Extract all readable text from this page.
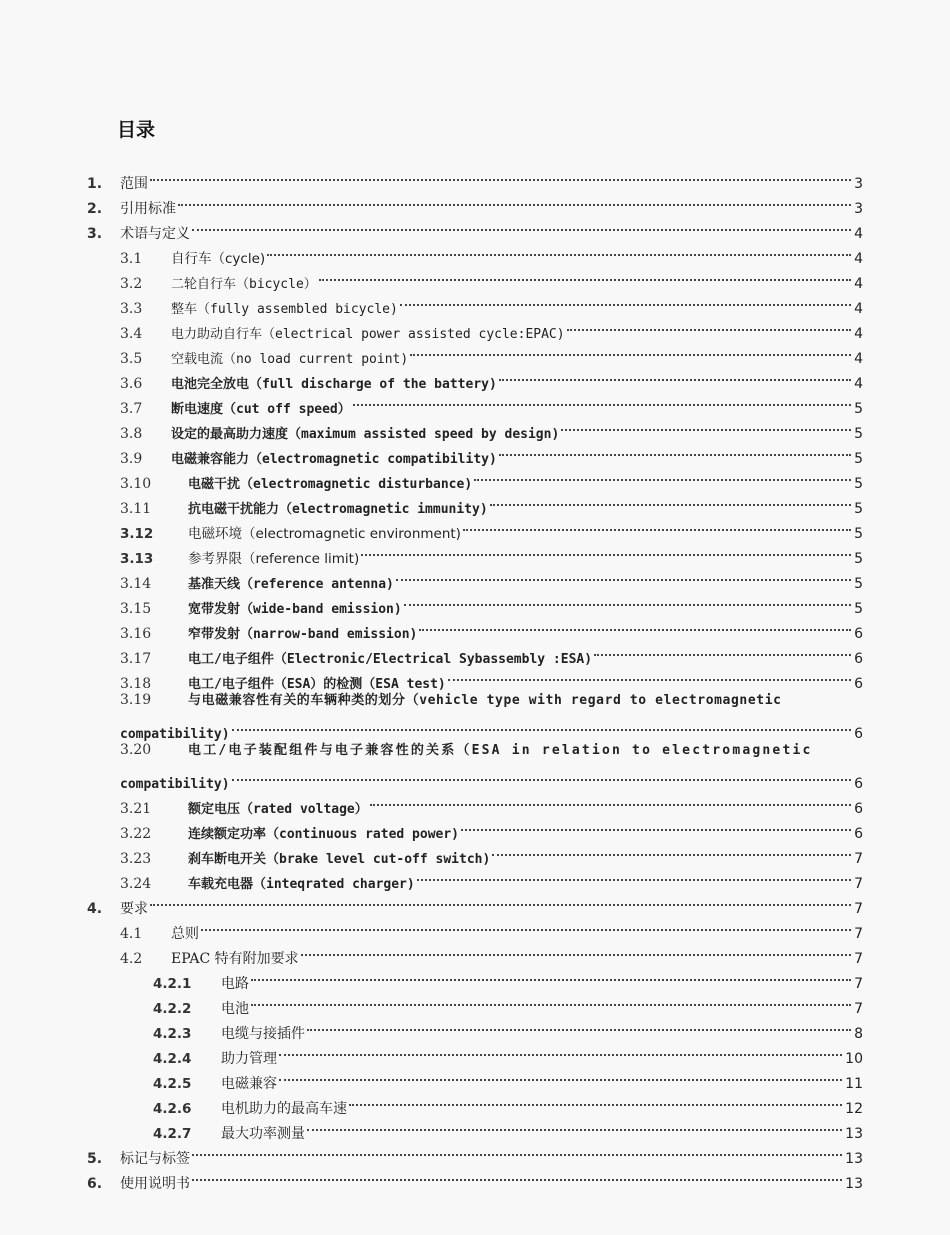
目录
1.	范围	3
2.	引用标准	3
3.	术语与定义	4
3.1	自行车（cycle)	4
3.2	二轮自行车（bicycle）	4
3.3	整车（fully assembled bicycle)	4
3.4	电力助动自行车（electrical power assisted cycle:EPAC)	4
3.5	空载电流（no load current point)	4
3.6	电池完全放电（full discharge of the battery)	4
3.7	断电速度（cut off speed）	5
3.8	设定的最高助力速度（maximum assisted speed by design)	5
3.9	电磁兼容能力（electromagnetic compatibility)	5
3.10	电磁干扰（electromagnetic disturbance)	5
3.11	抗电磁干扰能力（electromagnetic immunity)	5
3.12	电磁环境（electromagnetic environment)	5
3.13	参考界限（reference limit)	5
3.14	基准天线（reference antenna)	5
3.15	宽带发射（wide-band emission)	5
3.16	窄带发射（narrow-band emission)	6
3.17	电工/电子组件（Electronic/Electrical Sybassembly :ESA)	6
3.18	电工/电子组件（ESA）的检测（ESA test)	6
3.19	与电磁兼容性有关的车辆种类的划分（vehicle type with regard to electromagnetic
compatibility)	6
3.20	电工/电子装配组件与电子兼容性的关系（ESA in relation to electromagnetic
compatibility)	6
3.21	额定电压（rated voltage）	6
3.22	连续额定功率（continuous rated power)	6
3.23	刹车断电开关（brake level cut-off switch)	7
3.24	车载充电器（inteqrated charger)	7
4.	要求	7
4.1	总则	7
4.2	EPAC 特有附加要求	7
4.2.1	电路	7
4.2.2	电池	7
4.2.3	电缆与接插件	8
4.2.4	助力管理	10
4.2.5	电磁兼容	11
4.2.6	电机助力的最高车速	12
4.2.7	最大功率测量	13
5.	标记与标签	13
6.	使用说明书	13
